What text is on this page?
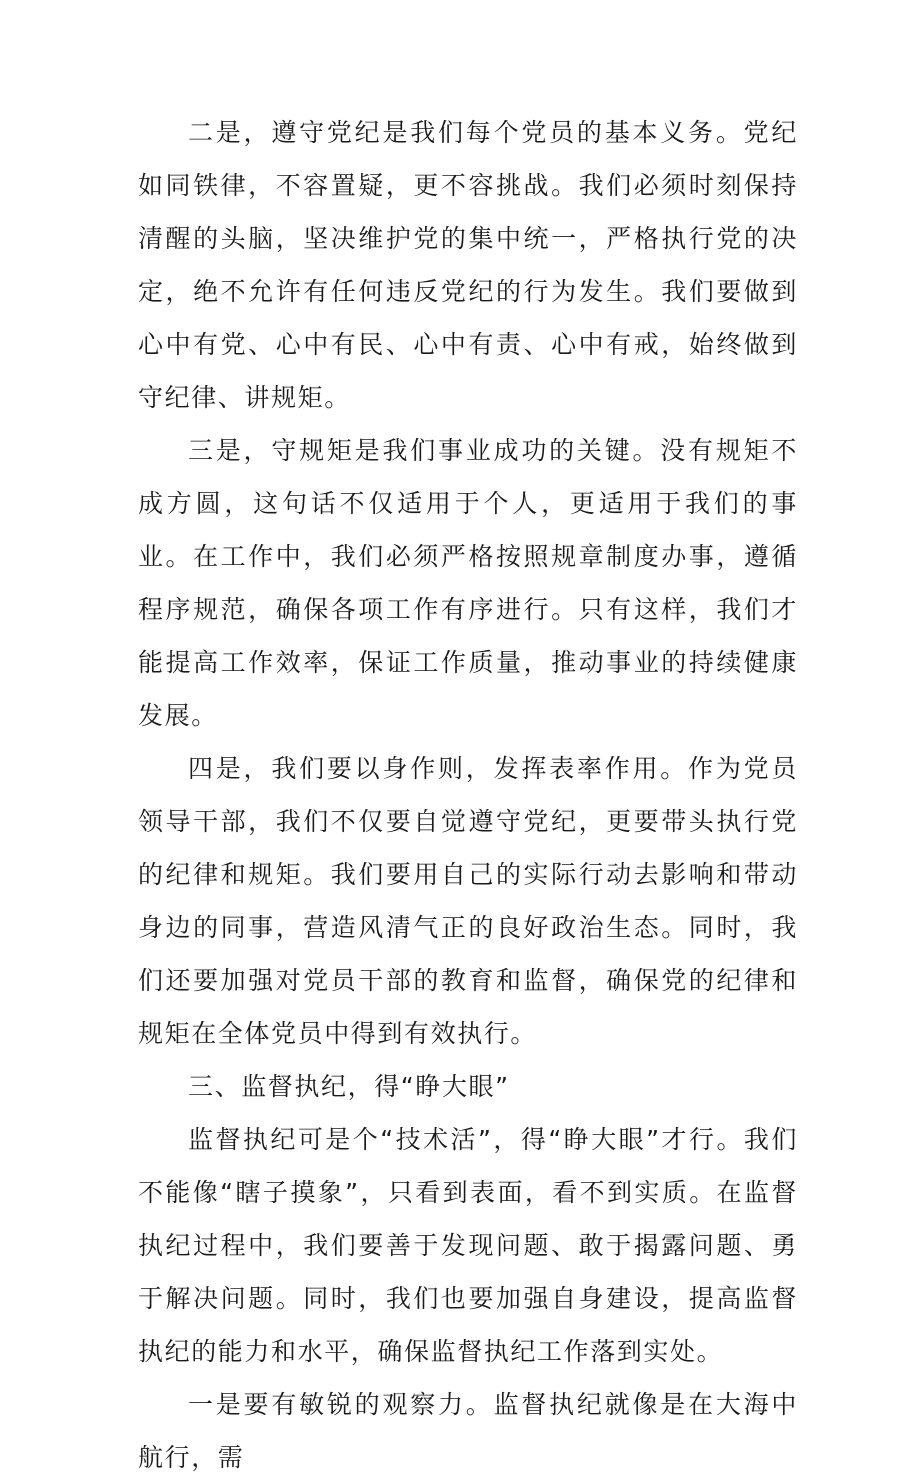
二是，遵守党纪是我们每个党员的基本义务。党纪如同铁律，不容置疑，更不容挑战。我们必须时刻保持清醒的头脑，坚决维护党的集中统一，严格执行党的决定，绝不允许有任何违反党纪的行为发生。我们要做到心中有党、心中有民、心中有责、心中有戒，始终做到守纪律、讲规矩。

三是，守规矩是我们事业成功的关键。没有规矩不成方圆，这句话不仅适用于个人，更适用于我们的事业。在工作中，我们必须严格按照规章制度办事，遵循程序规范，确保各项工作有序进行。只有这样，我们才能提高工作效率，保证工作质量，推动事业的持续健康发展。

四是，我们要以身作则，发挥表率作用。作为党员领导干部，我们不仅要自觉遵守党纪，更要带头执行党的纪律和规矩。我们要用自己的实际行动去影响和带动身边的同事，营造风清气正的良好政治生态。同时，我们还要加强对党员干部的教育和监督，确保党的纪律和规矩在全体党员中得到有效执行。

三、监督执纪，得“睁大眼”

监督执纪可是个“技术活”，得“睁大眼”才行。我们不能像“瞎子摸象”，只看到表面，看不到实质。在监督执纪过程中，我们要善于发现问题、敢于揭露问题、勇于解决问题。同时，我们也要加强自身建设，提高监督执纪的能力和水平，确保监督执纪工作落到实处。

一是要有敏锐的观察力。监督执纪就像是在大海中航行，需
